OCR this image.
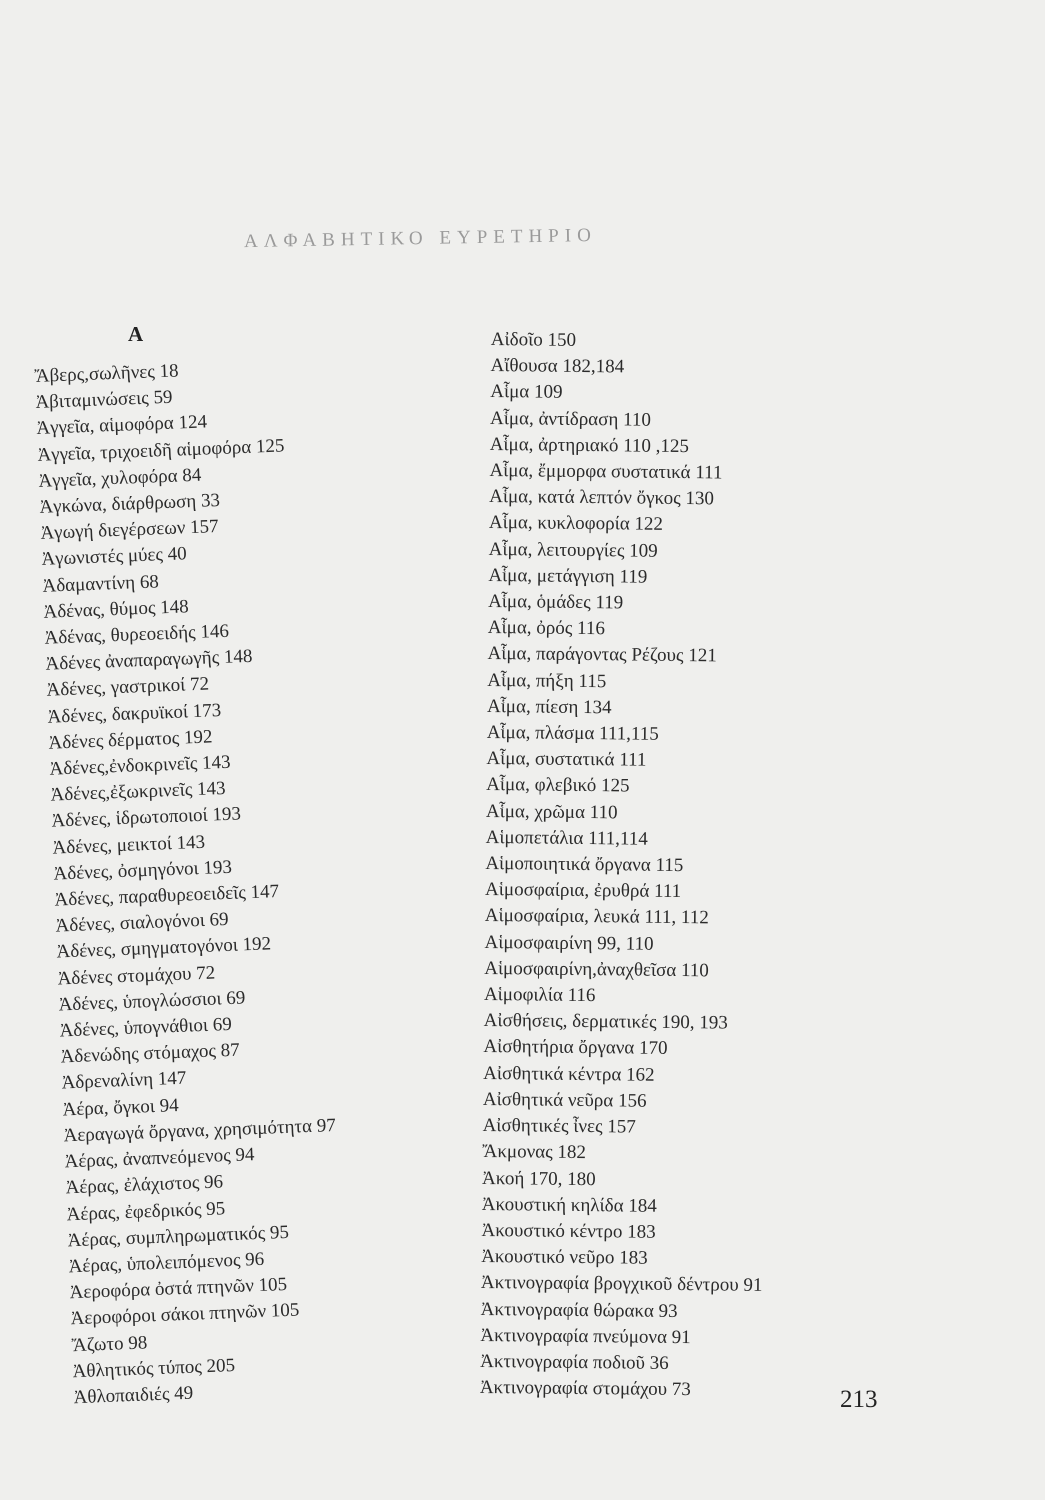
ΑΛΦΑΒΗΤΙΚΟ ΕΥΡΕΤΗΡΙΟ
Α
Ἄβερς,σωλῆνες 18
Ἀβιταμινώσεις 59
Ἀγγεῖα, αἱμοφόρα 124
Ἀγγεῖα, τριχοειδῆ αἱμοφόρα 125
Ἀγγεῖα, χυλοφόρα 84
Ἀγκώνα, διάρθρωση 33
Ἀγωγή διεγέρσεων 157
Ἀγωνιστές μύες 40
Ἀδαμαντίνη 68
Ἀδένας, θύμος 148
Ἀδένας, θυρεοειδής 146
Ἀδένες ἀναπαραγωγῆς 148
Ἀδένες, γαστρικοί 72
Ἀδένες, δακρυϊκοί 173
Ἀδένες δέρματος 192
Ἀδένες,ἐνδοκρινεῖς 143
Ἀδένες,ἐξωκρινεῖς 143
Ἀδένες, ἱδρωτοποιοί 193
Ἀδένες, μεικτοί 143
Ἀδένες, ὀσμηγόνοι 193
Ἀδένες, παραθυρεοειδεῖς 147
Ἀδένες, σιαλογόνοι 69
Ἀδένες, σμηγματογόνοι 192
Ἀδένες στομάχου 72
Ἀδένες, ὑπογλώσσιοι 69
Ἀδένες, ὑπογνάθιοι 69
Ἀδενώδης στόμαχος 87
Ἀδρεναλίνη 147
Ἀέρα, ὄγκοι 94
Ἀεραγωγά ὄργανα, χρησιμότητα 97
Ἀέρας, ἀναπνεόμενος 94
Ἀέρας, ἐλάχιστος 96
Ἀέρας, ἐφεδρικός 95
Ἀέρας, συμπληρωματικός 95
Ἀέρας, ὑπολειπόμενος 96
Ἀεροφόρα ὀστά πτηνῶν 105
Ἀεροφόροι σάκοι πτηνῶν 105
Ἄζωτο 98
Ἀθλητικός τύπος 205
Ἀθλοπαιδιές 49
Αἰδοῖο 150
Αἴθουσα 182,184
Αἷμα 109
Αἷμα, ἀντίδραση 110
Αἷμα, ἀρτηριακό 110 ,125
Αἷμα, ἔμμορφα συστατικά 111
Αἷμα, κατά λεπτόν ὄγκος 130
Αἷμα, κυκλοφορία 122
Αἷμα, λειτουργίες 109
Αἷμα, μετάγγιση 119
Αἷμα, ὁμάδες 119
Αἷμα, ὀρός 116
Αἷμα, παράγοντας Ρέζους 121
Αἷμα, πήξη 115
Αἷμα, πίεση 134
Αἷμα, πλάσμα 111,115
Αἷμα, συστατικά 111
Αἷμα, φλεβικό 125
Αἷμα, χρῶμα 110
Αἱμοπετάλια 111,114
Αἱμοποιητικά ὄργανα 115
Αἱμοσφαίρια, ἐρυθρά 111
Αἱμοσφαίρια, λευκά 111, 112
Αἱμοσφαιρίνη 99, 110
Αἱμοσφαιρίνη,ἀναχθεῖσα 110
Αἱμοφιλία 116
Αἰσθήσεις, δερματικές 190, 193
Αἰσθητήρια ὄργανα 170
Αἰσθητικά κέντρα 162
Αἰσθητικά νεῦρα 156
Αἰσθητικές ἶνες 157
Ἄκμονας 182
Ἀκοή 170, 180
Ἀκουστική κηλίδα 184
Ἀκουστικό κέντρο 183
Ἀκουστικό νεῦρο 183
Ἀκτινογραφία βρογχικοῦ δέντρου 91
Ἀκτινογραφία θώρακα 93
Ἀκτινογραφία πνεύμονα 91
Ἀκτινογραφία ποδιοῦ 36
Ἀκτινογραφία στομάχου 73	213
